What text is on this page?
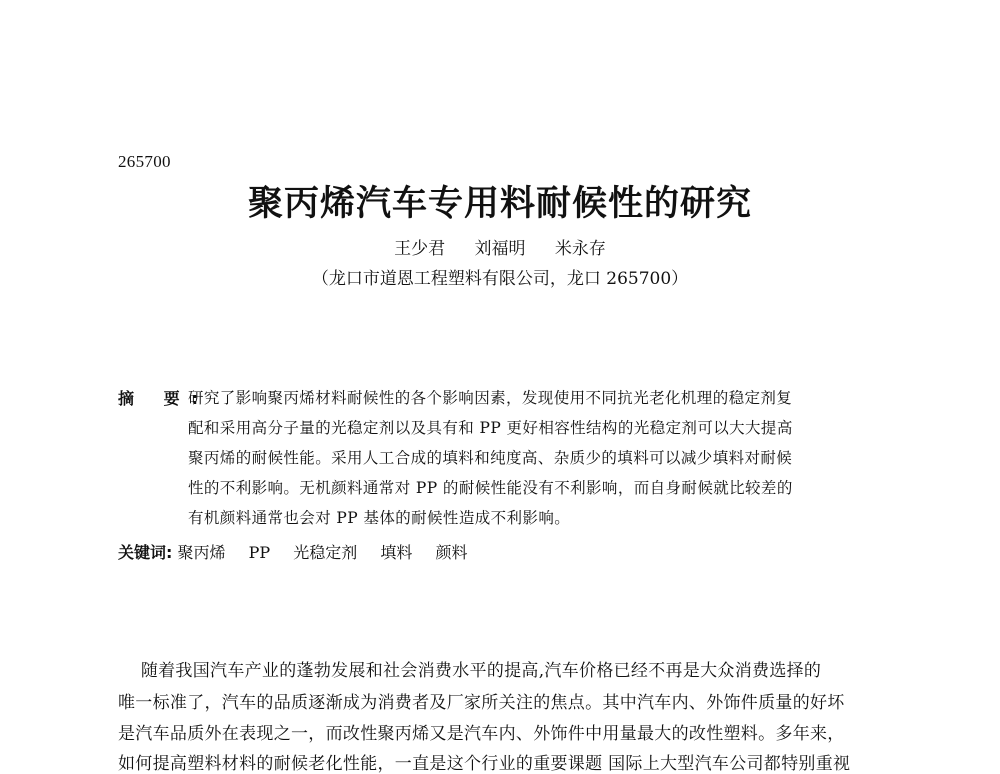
265700
聚丙烯汽车专用料耐候性的研究
王少君 刘福明 米永存
（龙口市道恩工程塑料有限公司，龙口 265700）
摘 要:
研究了影响聚丙烯材料耐候性的各个影响因素，发现使用不同抗光老化机理的稳定剂复
配和采用高分子量的光稳定剂以及具有和 PP 更好相容性结构的光稳定剂可以大大提高
聚丙烯的耐候性能。采用人工合成的填料和纯度高、杂质少的填料可以减少填料对耐候
性的不利影响。无机颜料通常对 PP 的耐候性能没有不利影响，而自身耐候就比较差的
有机颜料通常也会对 PP 基体的耐候性造成不利影响。
关键词: 聚丙烯 PP 光稳定剂 填料 颜料
随着我国汽车产业的蓬勃发展和社会消费水平的提高,汽车价格已经不再是大众消费选择的
唯一标准了，汽车的品质逐渐成为消费者及厂家所关注的焦点。其中汽车内、外饰件质量的好坏
是汽车品质外在表现之一，而改性聚丙烯又是汽车内、外饰件中用量最大的改性塑料。多年来，
如何提高塑料材料的耐候老化性能，一直是这个行业的重要课题 国际上大型汽车公司都特别重视
